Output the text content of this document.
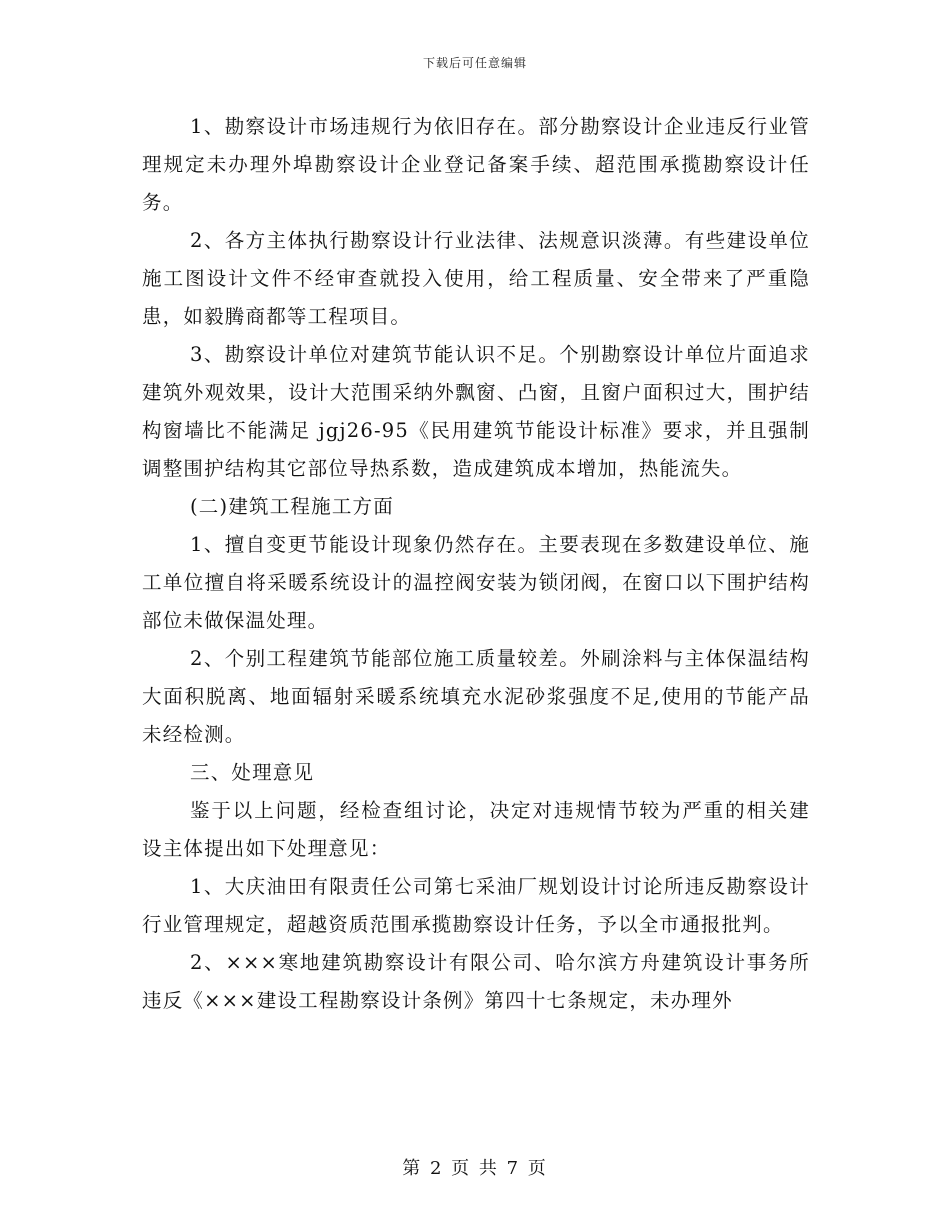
下载后可任意编辑

1、勘察设计市场违规行为依旧存在。部分勘察设计企业违反行业管理规定未办理外埠勘察设计企业登记备案手续、超范围承揽勘察设计任务。

2、各方主体执行勘察设计行业法律、法规意识淡薄。有些建设单位施工图设计文件不经审查就投入使用，给工程质量、安全带来了严重隐患，如毅腾商都等工程项目。

3、勘察设计单位对建筑节能认识不足。个别勘察设计单位片面追求建筑外观效果，设计大范围采纳外飘窗、凸窗，且窗户面积过大，围护结构窗墙比不能满足 jgj26-95《民用建筑节能设计标准》要求，并且强制调整围护结构其它部位导热系数，造成建筑成本增加，热能流失。

(二)建筑工程施工方面

1、擅自变更节能设计现象仍然存在。主要表现在多数建设单位、施工单位擅自将采暖系统设计的温控阀安装为锁闭阀，在窗口以下围护结构部位未做保温处理。

2、个别工程建筑节能部位施工质量较差。外刷涂料与主体保温结构大面积脱离、地面辐射采暖系统填充水泥砂浆强度不足,使用的节能产品未经检测。

三、处理意见

鉴于以上问题，经检查组讨论，决定对违规情节较为严重的相关建设主体提出如下处理意见：

1、大庆油田有限责任公司第七采油厂规划设计讨论所违反勘察设计行业管理规定，超越资质范围承揽勘察设计任务，予以全市通报批判。

2、×××寒地建筑勘察设计有限公司、哈尔滨方舟建筑设计事务所违反《×××建设工程勘察设计条例》第四十七条规定，未办理外

第 2 页 共 7 页
